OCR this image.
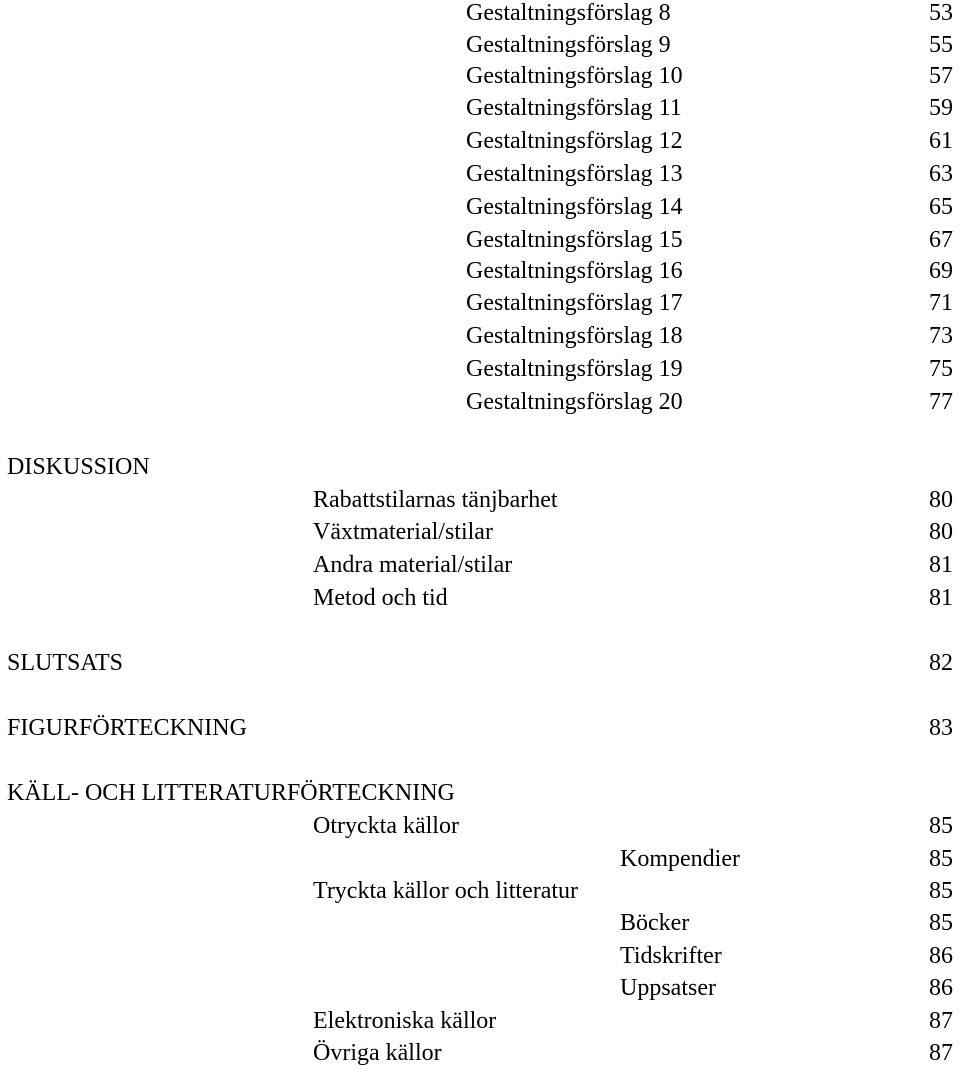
Gestaltningsförslag 8	53
Gestaltningsförslag 9	55
Gestaltningsförslag 10	57
Gestaltningsförslag 11	59
Gestaltningsförslag 12	61
Gestaltningsförslag 13	63
Gestaltningsförslag 14	65
Gestaltningsförslag 15	67
Gestaltningsförslag 16	69
Gestaltningsförslag 17	71
Gestaltningsförslag 18	73
Gestaltningsförslag 19	75
Gestaltningsförslag 20	77
DISKUSSION
Rabattstilarnas tänjbarhet	80
Växtmaterial/stilar	80
Andra material/stilar	81
Metod och tid	81
SLUTSATS	82
FIGURFÖRTECKNING	83
KÄLL- OCH LITTERATURFÖRTECKNING
Otryckta källor	85
Kompendier	85
Tryckta källor och litteratur	85
Böcker	85
Tidskrifter	86
Uppsatser	86
Elektroniska källor	87
Övriga källor	87
